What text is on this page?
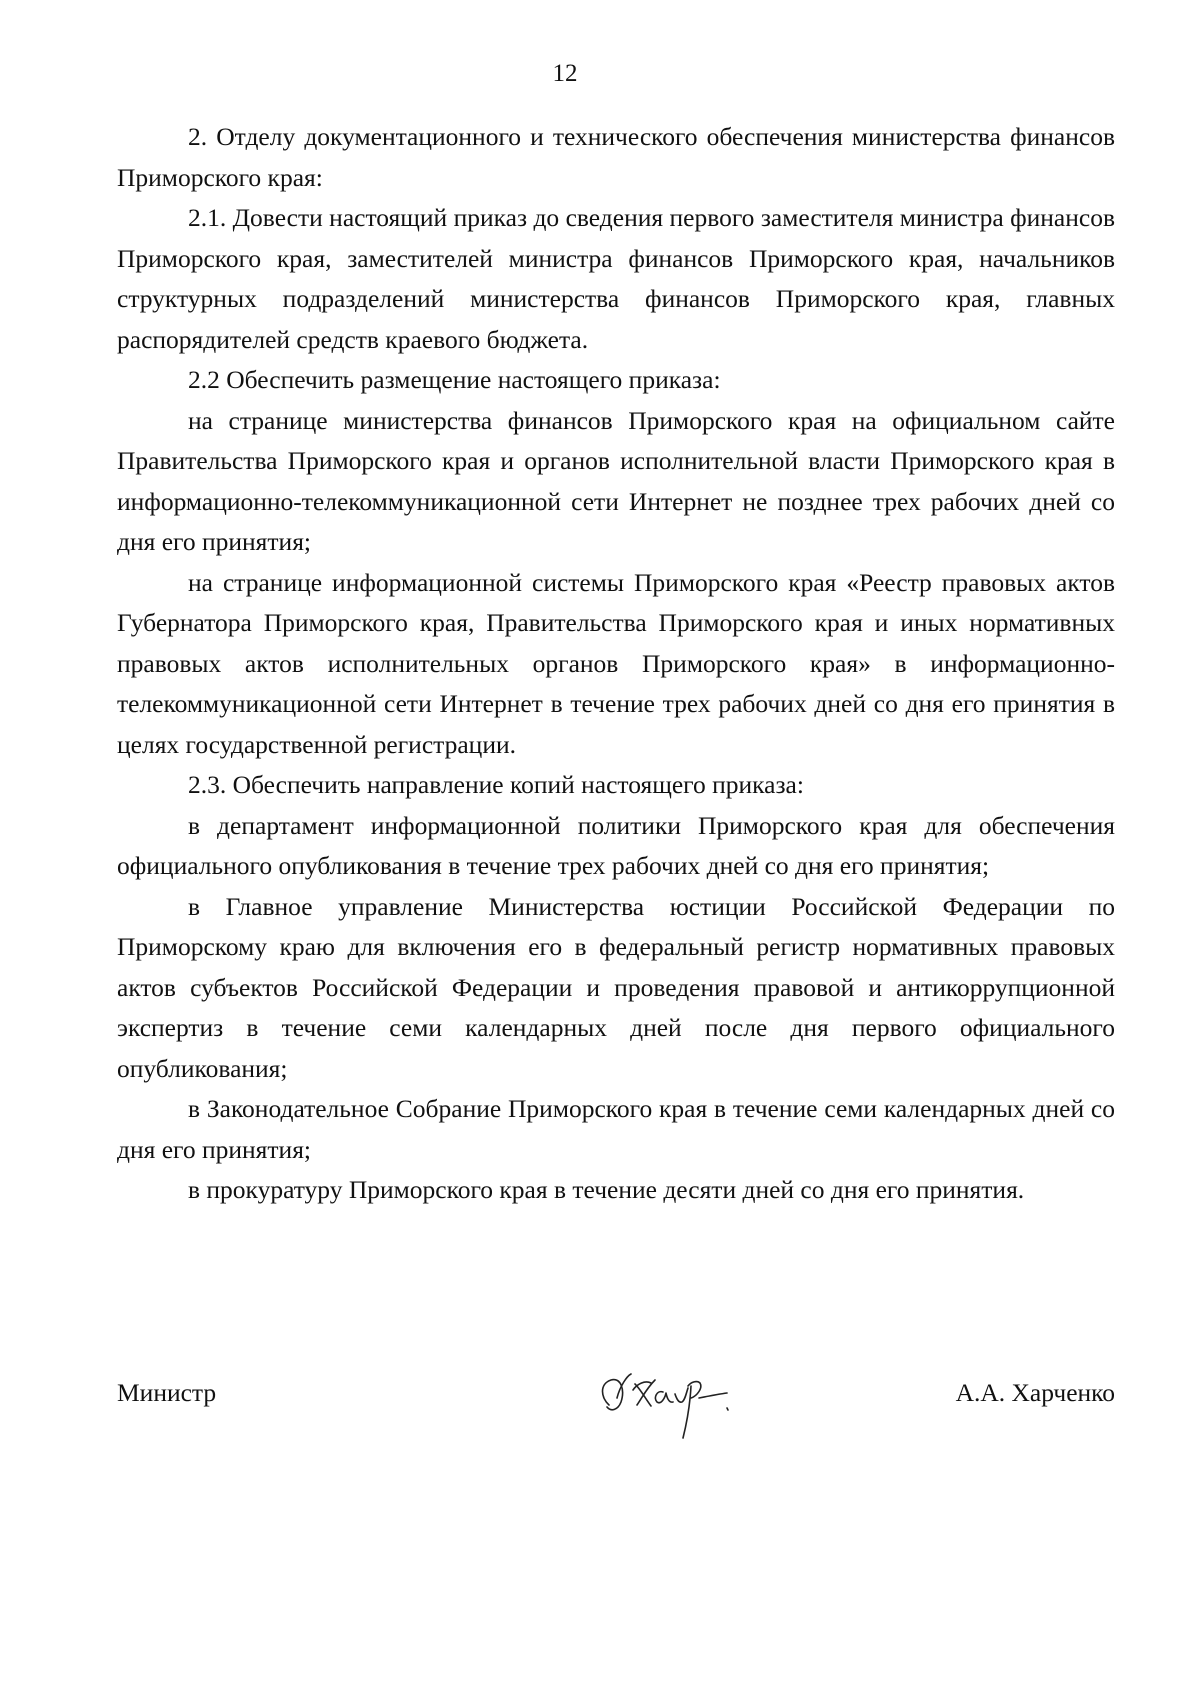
12

2. Отделу документационного и технического обеспечения министерства финансов Приморского края:

2.1. Довести настоящий приказ до сведения первого заместителя министра финансов Приморского края, заместителей министра финансов Приморского края, начальников структурных подразделений министерства финансов Приморского края, главных распорядителей средств краевого бюджета.

2.2 Обеспечить размещение настоящего приказа:

на странице министерства финансов Приморского края на официальном сайте Правительства Приморского края и органов исполнительной власти Приморского края в информационно-телекоммуникационной сети Интернет не позднее трех рабочих дней со дня его принятия;

на странице информационной системы Приморского края «Реестр правовых актов Губернатора Приморского края, Правительства Приморского края и иных нормативных правовых актов исполнительных органов Приморского края» в информационно-телекоммуникационной сети Интернет в течение трех рабочих дней со дня его принятия в целях государственной регистрации.

2.3. Обеспечить направление копий настоящего приказа:

в департамент информационной политики Приморского края для обеспечения официального опубликования в течение трех рабочих дней со дня его принятия;

в Главное управление Министерства юстиции Российской Федерации по Приморскому краю для включения его в федеральный регистр нормативных правовых актов субъектов Российской Федерации и проведения правовой и антикоррупционной экспертиз в течение семи календарных дней после дня первого официального опубликования;

в Законодательное Собрание Приморского края в течение семи календарных дней со дня его принятия;

в прокуратуру Приморского края в течение десяти дней со дня его принятия.

Министр	А.А. Харченко
